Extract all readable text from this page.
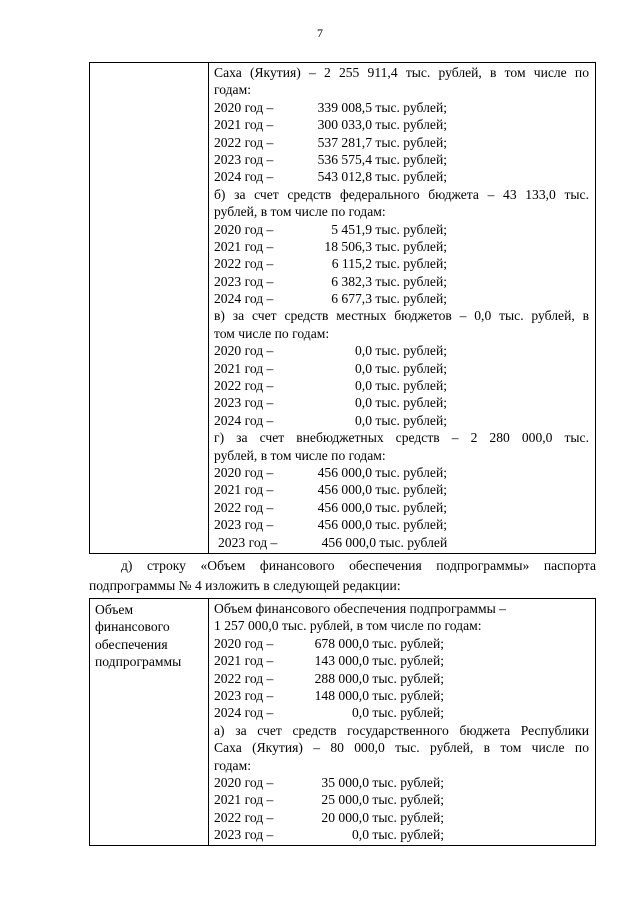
7

Саха (Якутия) – 2 255 911,4 тыс. рублей, в том числе по
годам:
2020 год –	339 008,5
тыс. рублей;
2021 год –	300 033,0
тыс. рублей;
2022 год –	537 281,7
тыс. рублей;
2023 год –	536 575,4
тыс. рублей;
2024 год –	543 012,8
тыс. рублей;
б) за счет средств федерального бюджета – 43 133,0 тыс.
рублей, в том числе по годам:
2020 год –	5 451,9
тыс. рублей;
2021 год –	18 506,3
тыс. рублей;
2022 год –	6 115,2
тыс. рублей;
2023 год –	6 382,3
тыс. рублей;
2024 год –	6 677,3
тыс. рублей;
в) за счет средств местных бюджетов – 0,0 тыс. рублей, в
том числе по годам:
2020 год –	0,0
тыс. рублей;
2021 год –	0,0
тыс. рублей;
2022 год –	0,0
тыс. рублей;
2023 год –	0,0
тыс. рублей;
2024 год –	0,0
тыс. рублей;
г) за счет внебюджетных средств – 2 280 000,0 тыс.
рублей, в том числе по годам:
2020 год –	456 000,0
тыс. рублей;
2021 год –	456 000,0
тыс. рублей;
2022 год –	456 000,0
тыс. рублей;
2023 год –	456 000,0
тыс. рублей;
2023 год –	456 000,0
тыс. рублей
д) строку «Объем финансового обеспечения подпрограммы» паспорта
подпрограммы № 4 изложить в следующей редакции:
Объем
финансового
обеспечения
подпрограммы

Объем финансового обеспечения подпрограммы –
1 257 000,0 тыс. рублей, в том числе по годам:
2020 год –	678 000,0
тыс. рублей;
2021 год –	143 000,0
тыс. рублей;
2022 год –	288 000,0
тыс. рублей;
2023 год –	148 000,0
тыс. рублей;
2024 год –	0,0
тыс. рублей;
а) за счет средств государственного бюджета Республики
Саха (Якутия) – 80 000,0 тыс. рублей, в том числе по
годам:
2020 год –	35 000,0
тыс. рублей;
2021 год –	25 000,0
тыс. рублей;
2022 год –	20 000,0
тыс. рублей;
2023 год –	0,0
тыс. рублей;
